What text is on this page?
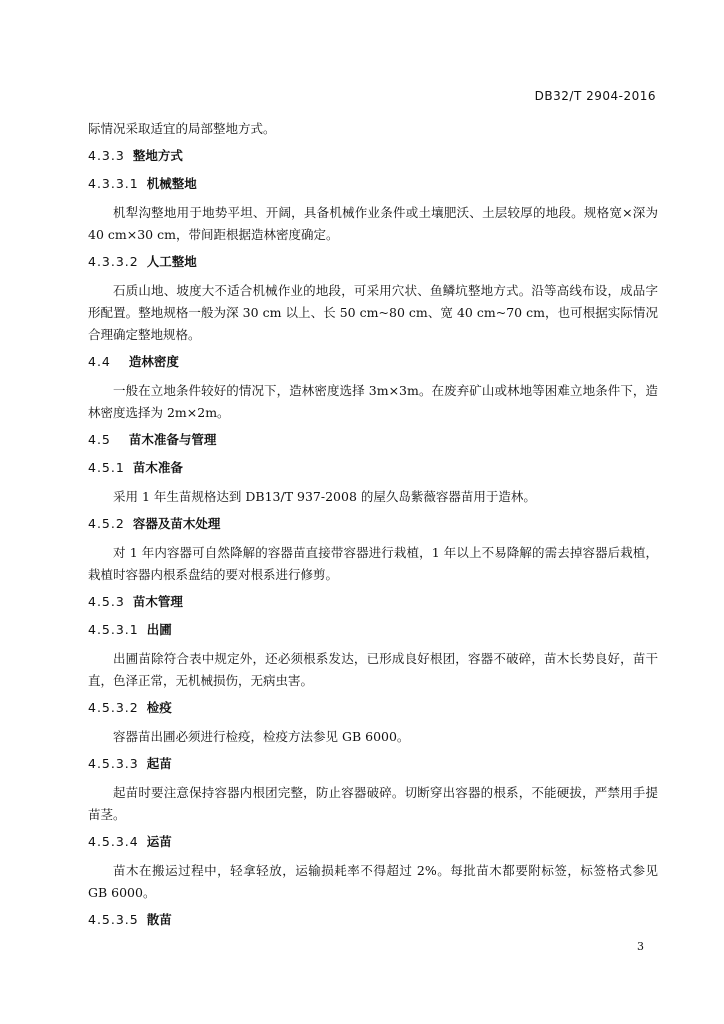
DB32/T 2904-2016

际情况采取适宜的局部整地方式。

4.3.3 整地方式
4.3.3.1 机械整地

机犁沟整地用于地势平坦、开阔，具备机械作业条件或土壤肥沃、土层较厚的地段。规格宽×深为 40 cm×30 cm，带间距根据造林密度确定。

4.3.3.2 人工整地

石质山地、坡度大不适合机械作业的地段，可采用穴状、鱼鳞坑整地方式。沿等高线布设，成品字形配置。整地规格一般为深 30 cm 以上、长 50 cm~80 cm、宽 40 cm~70 cm，也可根据实际情况合理确定整地规格。

4.4 造林密度

一般在立地条件较好的情况下，造林密度选择 3m×3m。在废弃矿山或林地等困难立地条件下，造林密度选择为 2m×2m。

4.5 苗木准备与管理
4.5.1 苗木准备

采用 1 年生苗规格达到 DB13/T 937-2008 的屋久岛紫薇容器苗用于造林。

4.5.2 容器及苗木处理

对 1 年内容器可自然降解的容器苗直接带容器进行栽植，1 年以上不易降解的需去掉容器后栽植，栽植时容器内根系盘结的要对根系进行修剪。

4.5.3 苗木管理
4.5.3.1 出圃

出圃苗除符合表中规定外，还必须根系发达，已形成良好根团，容器不破碎，苗木长势良好，苗干直，色泽正常，无机械损伤，无病虫害。

4.5.3.2 检疫

容器苗出圃必须进行检疫，检疫方法参见 GB 6000。

4.5.3.3 起苗

起苗时要注意保持容器内根团完整，防止容器破碎。切断穿出容器的根系，不能硬拔，严禁用手提苗茎。

4.5.3.4 运苗

苗木在搬运过程中，轻拿轻放，运输损耗率不得超过 2%。每批苗木都要附标签，标签格式参见 GB 6000。

4.5.3.5 散苗
3
